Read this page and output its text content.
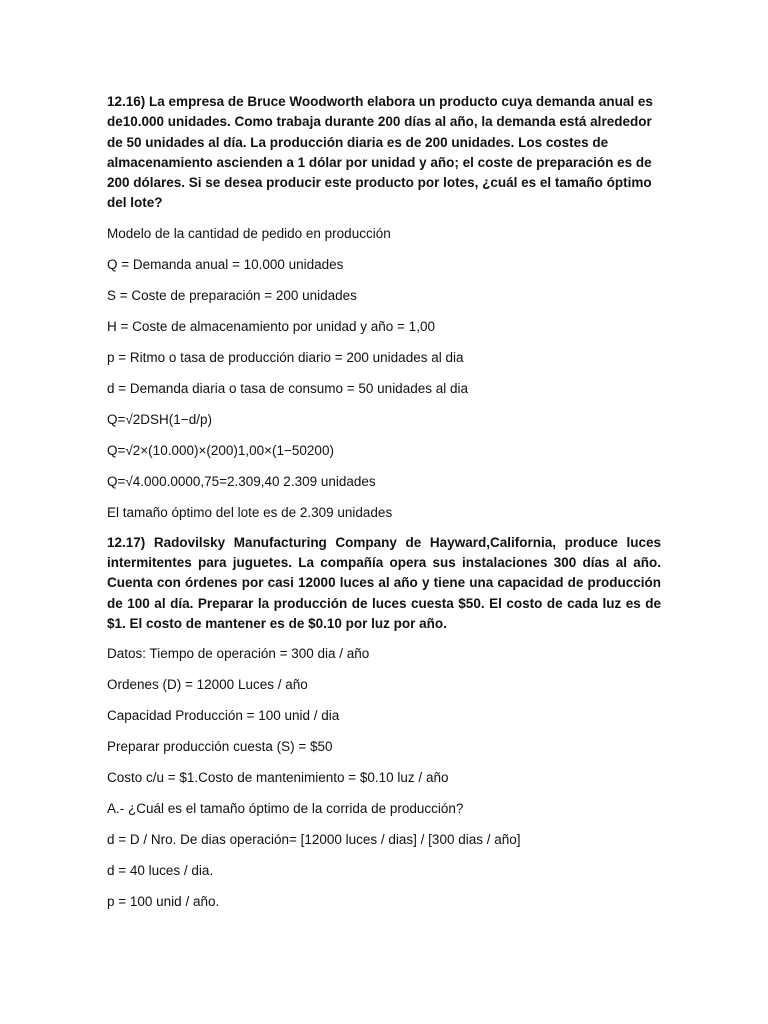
12.16) La empresa de Bruce Woodworth elabora un producto cuya demanda anual es de10.000 unidades. Como trabaja durante 200 días al año, la demanda está alrededor de 50 unidades al día. La producción diaria es de 200 unidades. Los costes de almacenamiento ascienden a 1 dólar por unidad y año; el coste de preparación es de 200 dólares. Si se desea producir este producto por lotes, ¿cuál es el tamaño óptimo del lote?

Modelo de la cantidad de pedido en producción

Q = Demanda anual = 10.000 unidades

S = Coste de preparación = 200 unidades

H = Coste de almacenamiento por unidad y año = 1,00

p = Ritmo o tasa de producción diario = 200 unidades al dia

d = Demanda diaria o tasa de consumo = 50 unidades al dia

Q=√2DSH(1−d/p)

Q=√2×(10.000)×(200)1,00×(1−50200)

Q=√4.000.0000,75=2.309,40 2.309 unidades

El tamaño óptimo del lote es de 2.309 unidades

12.17) Radovilsky Manufacturing Company de Hayward,California, produce luces intermitentes para juguetes. La compañía opera sus instalaciones 300 días al año. Cuenta con órdenes por casi 12000 luces al año y tiene una capacidad de producción de 100 al día. Preparar la producción de luces cuesta $50. El costo de cada luz es de $1. El costo de mantener es de $0.10 por luz por año.

Datos: Tiempo de operación = 300 dia / año

Ordenes (D) = 12000 Luces / año

Capacidad Producción = 100 unid / dia

Preparar producción cuesta (S) = $50

Costo c/u = $1.Costo de mantenimiento = $0.10 luz / año

A.- ¿Cuál es el tamaño óptimo de la corrida de producción?

d = D / Nro. De dias operación= [12000 luces / dias] / [300 dias / año]

d = 40 luces / dia.

p = 100 unid / año.
